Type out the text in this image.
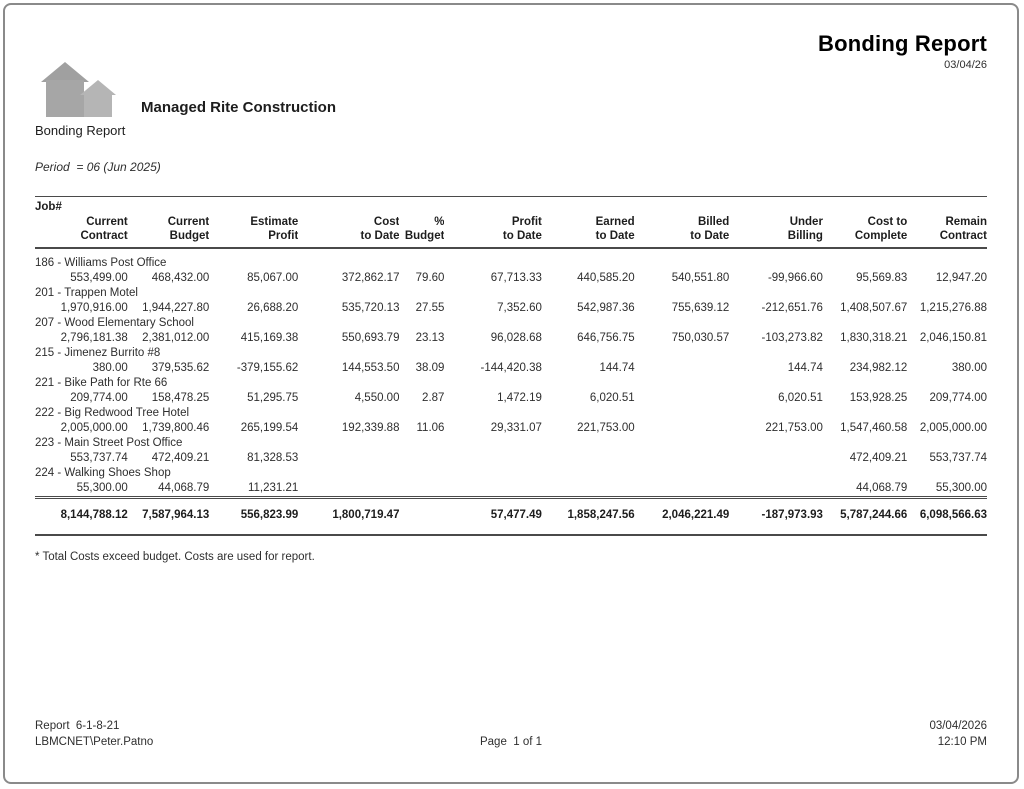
Managed Rite Construction
Bonding Report
03/04/26
Bonding Report
Period  = 06 (Jun 2025)
Job#										

Current
Contract

Current
Budget

Estimate
Profit

Cost
to Date

%
Budget

Profit
to Date

Earned
to Date

Billed
to Date

Under
Billing

Cost to
Complete

Remain
Contract

186 - Williams Post Office										
553,499.00	468,432.00	85,067.00	372,862.17	79.60	67,713.33	440,585.20	540,551.80	-99,966.60	95,569.83	12,947.20
201 - Trappen Motel										
1,970,916.00	1,944,227.80	26,688.20	535,720.13	27.55	7,352.60	542,987.36	755,639.12	-212,651.76	1,408,507.67	1,215,276.88
207 - Wood Elementary School										
2,796,181.38	2,381,012.00	415,169.38	550,693.79	23.13	96,028.68	646,756.75	750,030.57	-103,273.82	1,830,318.21	2,046,150.81
215 - Jimenez Burrito #8										
380.00	379,535.62	-379,155.62	144,553.50	38.09	-144,420.38	144.74		144.74	234,982.12	380.00
221 - Bike Path for Rte 66										
209,774.00	158,478.25	51,295.75	4,550.00	2.87	1,472.19	6,020.51		6,020.51	153,928.25	209,774.00
222 - Big Redwood Tree Hotel										
2,005,000.00	1,739,800.46	265,199.54	192,339.88	11.06	29,331.07	221,753.00		221,753.00	1,547,460.58	2,005,000.00
223 - Main Street Post Office										
553,737.74	472,409.21	81,328.53							472,409.21	553,737.74
224 - Walking Shoes Shop										
55,300.00	44,068.79	11,231.21							44,068.79	55,300.00
8,144,788.12	7,587,964.13	556,823.99	1,800,719.47		57,477.49	1,858,247.56	2,046,221.49	-187,973.93	5,787,244.66	6,098,566.63
* Total Costs exceed budget. Costs are used for report.
Report  6-1-8-21
LBMCNET\Peter.Patno	Page  1 of 1
03/04/2026
12:10 PM
